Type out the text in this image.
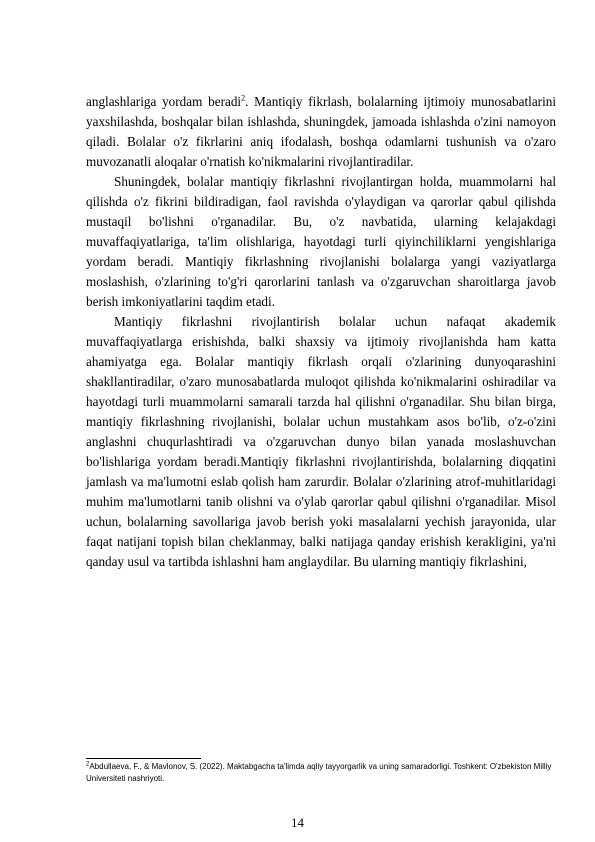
anglashlariga yordam beradi$^2$. Mantiqiy fikrlash, bolalarning ijtimoiy munosabatlarini yaxshilashda, boshqalar bilan ishlashda, shuningdek, jamoada ishlashda o'zini namoyon qiladi. Bolalar o'z fikrlarini aniq ifodalash, boshqa odamlarni tushunish va o'zaro muvozanatli aloqalar o'rnatish ko'nikmalarini rivojlantiradilar.

Shuningdek, bolalar mantiqiy fikrlashni rivojlantirgan holda, muammolarni hal qilishda o'z fikrini bildiradigan, faol ravishda o'ylaydigan va qarorlar qabul qilishda mustaqil bo'lishni o'rganadilar. Bu, o'z navbatida, ularning kelajakdagi muvaffaqiyatlariga, ta'lim olishlariga, hayotdagi turli qiyinchiliklarni yengishlariga yordam beradi. Mantiqiy fikrlashning rivojlanishi bolalarga yangi vaziyatlarga moslashish, o'zlarining to'g'ri qarorlarini tanlash va o'zgaruvchan sharoitlarga javob berish imkoniyatlarini taqdim etadi.

Mantiqiy fikrlashni rivojlantirish bolalar uchun nafaqat akademik muvaffaqiyatlarga erishishda, balki shaxsiy va ijtimoiy rivojlanishda ham katta ahamiyatga ega. Bolalar mantiqiy fikrlash orqali o'zlarining dunyoqarashini shakllantiradilar, o'zaro munosabatlarda muloqot qilishda ko'nikmalarini oshiradilar va hayotdagi turli muammolarni samarali tarzda hal qilishni o'rganadilar. Shu bilan birga, mantiqiy fikrlashning rivojlanishi, bolalar uchun mustahkam asos bo'lib, o'z-o'zini anglashni chuqurlashtiradi va o'zgaruvchan dunyo bilan yanada moslashuvchan bo'lishlariga yordam beradi.Mantiqiy fikrlashni rivojlantirishda, bolalarning diqqatini jamlash va ma'lumotni eslab qolish ham zarurdir. Bolalar o'zlarining atrof-muhitlaridagi muhim ma'lumotlarni tanib olishni va o'ylab qarorlar qabul qilishni o'rganadilar. Misol uchun, bolalarning savollariga javob berish yoki masalalarni yechish jarayonida, ular faqat natijani topish bilan cheklanmay, balki natijaga qanday erishish kerakligini, ya'ni qanday usul va tartibda ishlashni ham anglaydilar. Bu ularning mantiqiy fikrlashini,

$^2$Abdullaeva, F., & Mavlonov, S. (2022). Maktabgacha ta'limda aqliy tayyorgarlik va uning samaradorligi. Toshkent: O'zbekiston Milliy Universiteti nashriyoti.
14
